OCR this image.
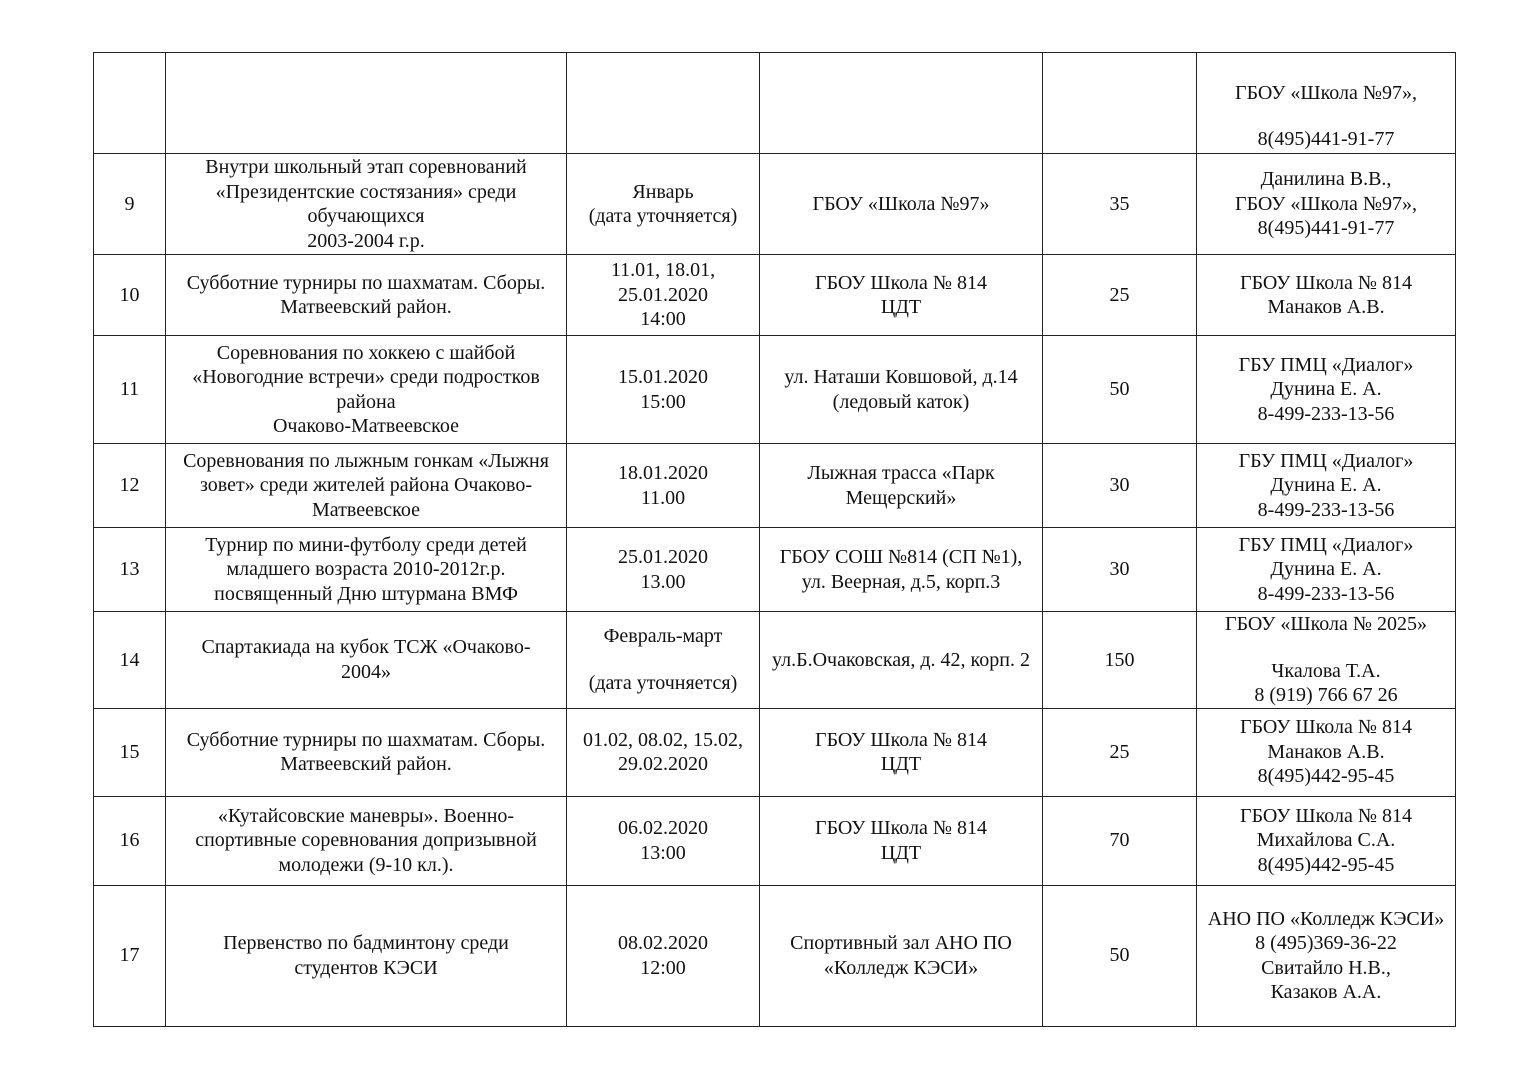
					ГБОУ «Школа №97»,
8(495)441-91-77

9	Внутри школьный этап соревнований
«Президентские состязания» среди
обучающихся
2003-2004 г.р.	Январь
(дата уточняется)	ГБОУ «Школа №97»	35	Данилина В.В.,
ГБОУ «Школа №97»,
8(495)441-91-77

10	Субботние турниры по шахматам. Сборы.
Матвеевский район.	11.01, 18.01,
25.01.2020
14:00	ГБОУ Школа № 814
ЦДТ	25	ГБОУ Школа № 814
Манаков А.В.

11	Соревнования по хоккею с шайбой
«Новогодние встречи» среди подростков
района
Очаково-Матвеевское	15.01.2020
15:00	ул. Наташи Ковшовой, д.14
(ледовый каток)	50	ГБУ ПМЦ «Диалог»
Дунина Е. А.
8-499-233-13-56

12	Соревнования по лыжным гонкам «Лыжня
зовет» среди жителей района Очаково-
Матвеевское	18.01.2020
11.00	Лыжная трасса «Парк
Мещерский»	30	ГБУ ПМЦ «Диалог»
Дунина Е. А.
8-499-233-13-56

13	Турнир по мини-футболу среди детей
младшего возраста 2010-2012г.р.
посвященный Дню штурмана ВМФ	25.01.2020
13.00	ГБОУ СОШ №814 (СП №1),
ул. Веерная, д.5, корп.3	30	ГБУ ПМЦ «Диалог»
Дунина Е. А.
8-499-233-13-56

14	Спартакиада на кубок ТСЖ «Очаково-
2004»	Февраль-март
(дата уточняется)	ул.Б.Очаковская, д. 42, корп. 2	150	ГБОУ «Школа № 2025»
Чкалова Т.А.
8 (919) 766 67 26

15	Субботние турниры по шахматам. Сборы.
Матвеевский район.	01.02, 08.02, 15.02,
29.02.2020	ГБОУ Школа № 814
ЦДТ	25	ГБОУ Школа № 814
Манаков А.В.
8(495)442-95-45

16	«Кутайсовские маневры». Военно-
спортивные соревнования допризывной
молодежи (9-10 кл.).	06.02.2020
13:00	ГБОУ Школа № 814
ЦДТ	70	ГБОУ Школа № 814
Михайлова С.А.
8(495)442-95-45

17	Первенство по бадминтону среди
студентов КЭСИ	08.02.2020
12:00	Спортивный зал АНО ПО
«Колледж КЭСИ»	50	АНО ПО «Колледж КЭСИ»
8 (495)369-36-22
Свитайло Н.В.,
Казаков А.А.
